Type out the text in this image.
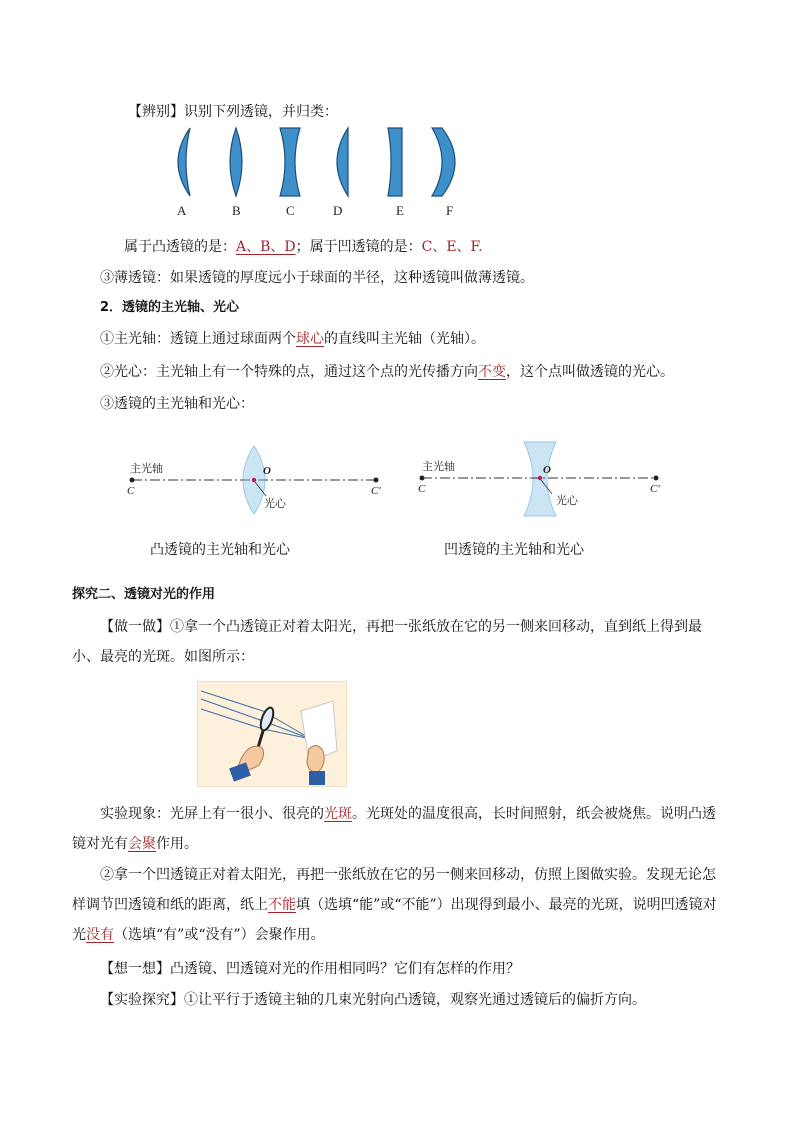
【辨别】识别下列透镜，并归类：
A	B	C	D	E	F
属于凸透镜的是：A、B、D；属于凹透镜的是：C、E、F.
③薄透镜：如果透镜的厚度远小于球面的半径，这种透镜叫做薄透镜。
2．透镜的主光轴、光心
①主光轴：透镜上通过球面两个球心的直线叫主光轴（光轴）。
②光心：主光轴上有一个特殊的点，通过这个点的光传播方向不变，这个点叫做透镜的光心。
③透镜的主光轴和光心：
主光轴
C	C′
O
光心
主光轴
C	C′
O
光心
凸透镜的主光轴和光心	凹透镜的主光轴和光心
探究二、透镜对光的作用
【做一做】①拿一个凸透镜正对着太阳光，再把一张纸放在它的另一侧来回移动，直到纸上得到最小、最亮的光斑。如图所示：
实验现象：光屏上有一很小、很亮的光斑。光斑处的温度很高，长时间照射，纸会被烧焦。说明凸透镜对光有会聚作用。
②拿一个凹透镜正对着太阳光，再把一张纸放在它的另一侧来回移动，仿照上图做实验。发现无论怎样调节凹透镜和纸的距离，纸上不能填（选填“能”或“不能”）出现得到最小、最亮的光斑，说明凹透镜对光没有（选填“有”或“没有”）会聚作用。
【想一想】凸透镜、凹透镜对光的作用相同吗？它们有怎样的作用？
【实验探究】①让平行于透镜主轴的几束光射向凸透镜，观察光通过透镜后的偏折方向。
